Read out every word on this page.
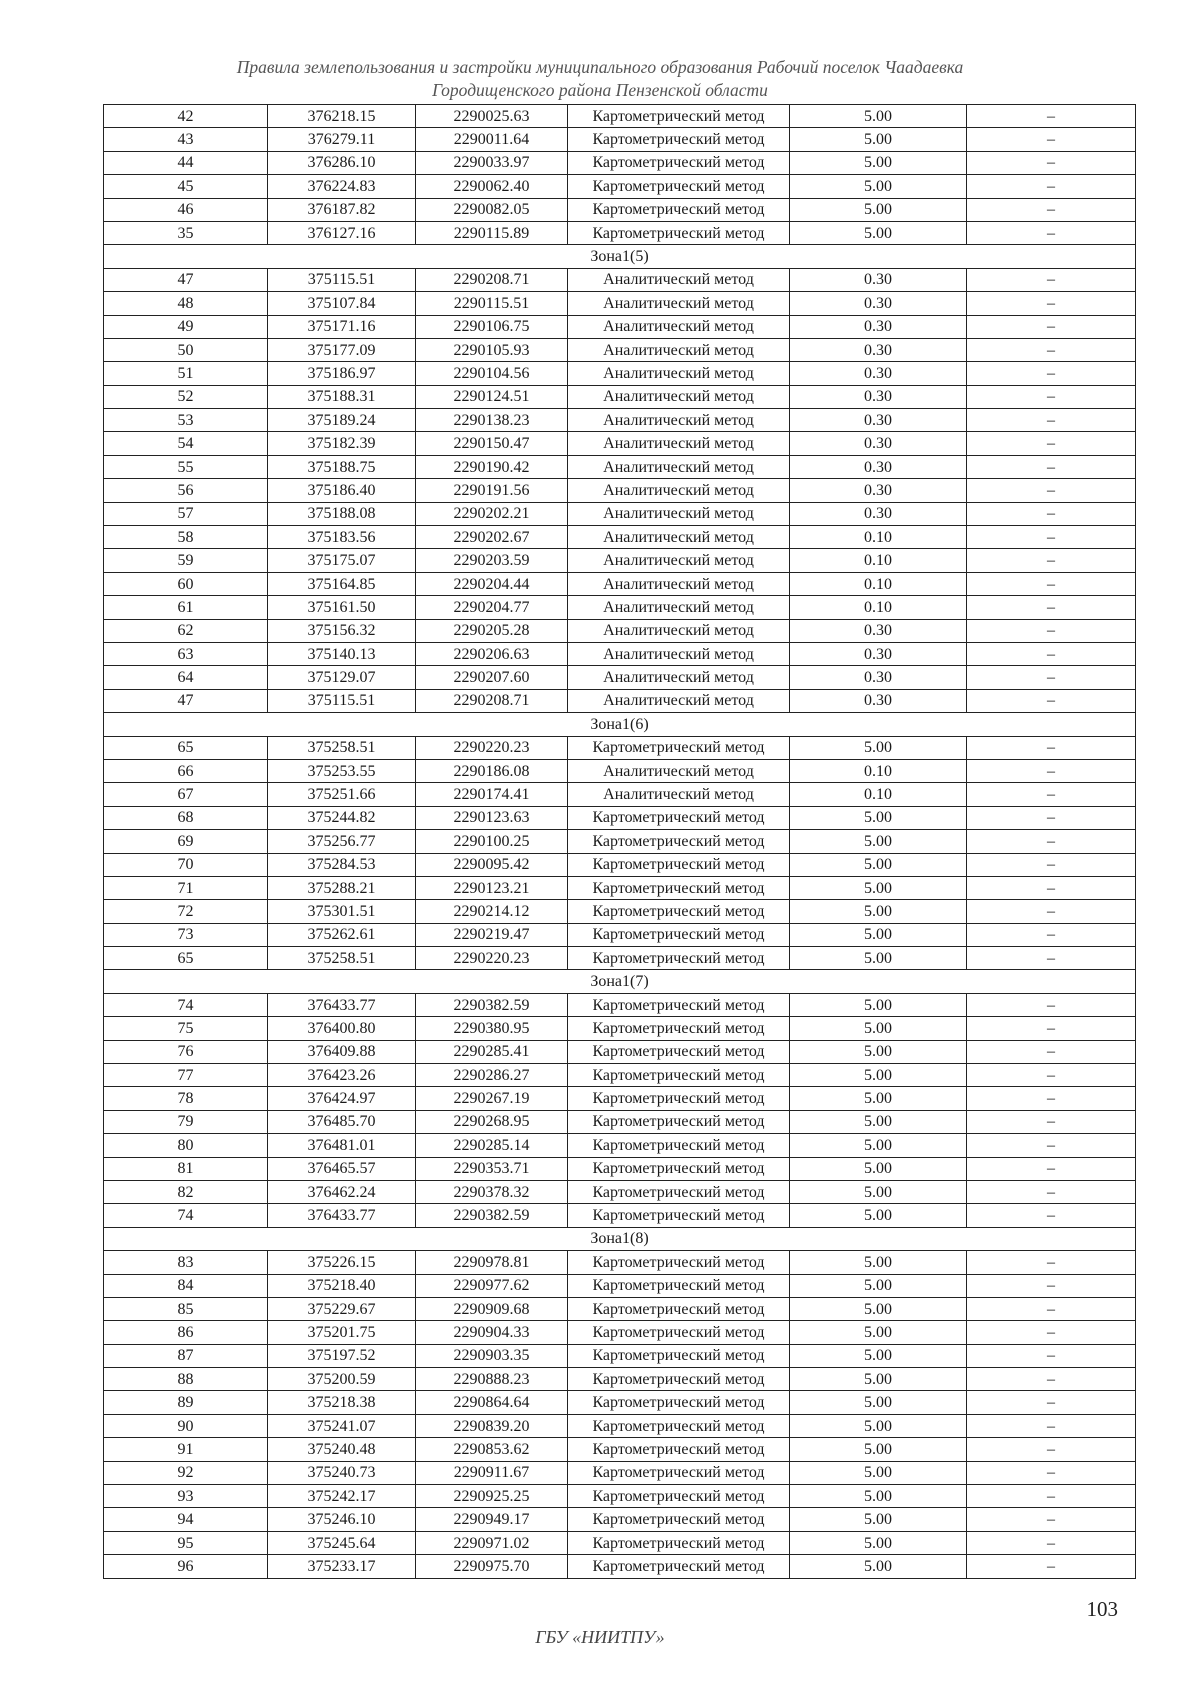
Правила землепользования и застройки муниципального образования Рабочий поселок Чаадаевка
Городищенского района Пензенской области
42	376218.15	2290025.63	Картометрический метод	5.00	–
43	376279.11	2290011.64	Картометрический метод	5.00	–
44	376286.10	2290033.97	Картометрический метод	5.00	–
45	376224.83	2290062.40	Картометрический метод	5.00	–
46	376187.82	2290082.05	Картометрический метод	5.00	–
35	376127.16	2290115.89	Картометрический метод	5.00	–
Зона1(5)					
47	375115.51	2290208.71	Аналитический метод	0.30	–
48	375107.84	2290115.51	Аналитический метод	0.30	–
49	375171.16	2290106.75	Аналитический метод	0.30	–
50	375177.09	2290105.93	Аналитический метод	0.30	–
51	375186.97	2290104.56	Аналитический метод	0.30	–
52	375188.31	2290124.51	Аналитический метод	0.30	–
53	375189.24	2290138.23	Аналитический метод	0.30	–
54	375182.39	2290150.47	Аналитический метод	0.30	–
55	375188.75	2290190.42	Аналитический метод	0.30	–
56	375186.40	2290191.56	Аналитический метод	0.30	–
57	375188.08	2290202.21	Аналитический метод	0.30	–
58	375183.56	2290202.67	Аналитический метод	0.10	–
59	375175.07	2290203.59	Аналитический метод	0.10	–
60	375164.85	2290204.44	Аналитический метод	0.10	–
61	375161.50	2290204.77	Аналитический метод	0.10	–
62	375156.32	2290205.28	Аналитический метод	0.30	–
63	375140.13	2290206.63	Аналитический метод	0.30	–
64	375129.07	2290207.60	Аналитический метод	0.30	–
47	375115.51	2290208.71	Аналитический метод	0.30	–
Зона1(6)					
65	375258.51	2290220.23	Картометрический метод	5.00	–
66	375253.55	2290186.08	Аналитический метод	0.10	–
67	375251.66	2290174.41	Аналитический метод	0.10	–
68	375244.82	2290123.63	Картометрический метод	5.00	–
69	375256.77	2290100.25	Картометрический метод	5.00	–
70	375284.53	2290095.42	Картометрический метод	5.00	–
71	375288.21	2290123.21	Картометрический метод	5.00	–
72	375301.51	2290214.12	Картометрический метод	5.00	–
73	375262.61	2290219.47	Картометрический метод	5.00	–
65	375258.51	2290220.23	Картометрический метод	5.00	–
Зона1(7)					
74	376433.77	2290382.59	Картометрический метод	5.00	–
75	376400.80	2290380.95	Картометрический метод	5.00	–
76	376409.88	2290285.41	Картометрический метод	5.00	–
77	376423.26	2290286.27	Картометрический метод	5.00	–
78	376424.97	2290267.19	Картометрический метод	5.00	–
79	376485.70	2290268.95	Картометрический метод	5.00	–
80	376481.01	2290285.14	Картометрический метод	5.00	–
81	376465.57	2290353.71	Картометрический метод	5.00	–
82	376462.24	2290378.32	Картометрический метод	5.00	–
74	376433.77	2290382.59	Картометрический метод	5.00	–
Зона1(8)					
83	375226.15	2290978.81	Картометрический метод	5.00	–
84	375218.40	2290977.62	Картометрический метод	5.00	–
85	375229.67	2290909.68	Картометрический метод	5.00	–
86	375201.75	2290904.33	Картометрический метод	5.00	–
87	375197.52	2290903.35	Картометрический метод	5.00	–
88	375200.59	2290888.23	Картометрический метод	5.00	–
89	375218.38	2290864.64	Картометрический метод	5.00	–
90	375241.07	2290839.20	Картометрический метод	5.00	–
91	375240.48	2290853.62	Картометрический метод	5.00	–
92	375240.73	2290911.67	Картометрический метод	5.00	–
93	375242.17	2290925.25	Картометрический метод	5.00	–
94	375246.10	2290949.17	Картометрический метод	5.00	–
95	375245.64	2290971.02	Картометрический метод	5.00	–
96	375233.17	2290975.70	Картометрический метод	5.00	–
103
ГБУ «НИИТПУ»
